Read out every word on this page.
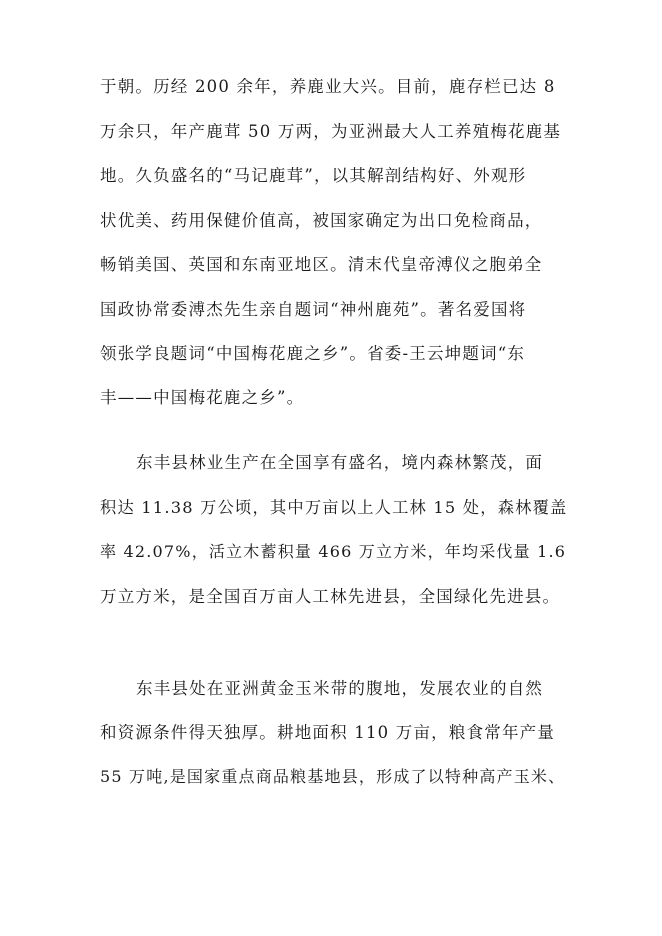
于朝。历经 200 余年，养鹿业大兴。目前，鹿存栏已达 8
万余只，年产鹿茸 50 万两，为亚洲最大人工养殖梅花鹿基
地。久负盛名的“马记鹿茸”，以其解剖结构好、外观形
状优美、药用保健价值高，被国家确定为出口免检商品，
畅销美国、英国和东南亚地区。清末代皇帝溥仪之胞弟全
国政协常委溥杰先生亲自题词“神州鹿苑”。著名爱国将
领张学良题词“中国梅花鹿之乡”。省委-王云坤题词“东
丰——中国梅花鹿之乡”。
东丰县林业生产在全国享有盛名，境内森林繁茂，面
积达 11.38 万公顷，其中万亩以上人工林 15 处，森林覆盖
率 42.07%，活立木蓄积量 466 万立方米，年均采伐量 1.6
万立方米，是全国百万亩人工林先进县，全国绿化先进县。
东丰县处在亚洲黄金玉米带的腹地，发展农业的自然
和资源条件得天独厚。耕地面积 110 万亩，粮食常年产量
55 万吨,是国家重点商品粮基地县，形成了以特种高产玉米、
